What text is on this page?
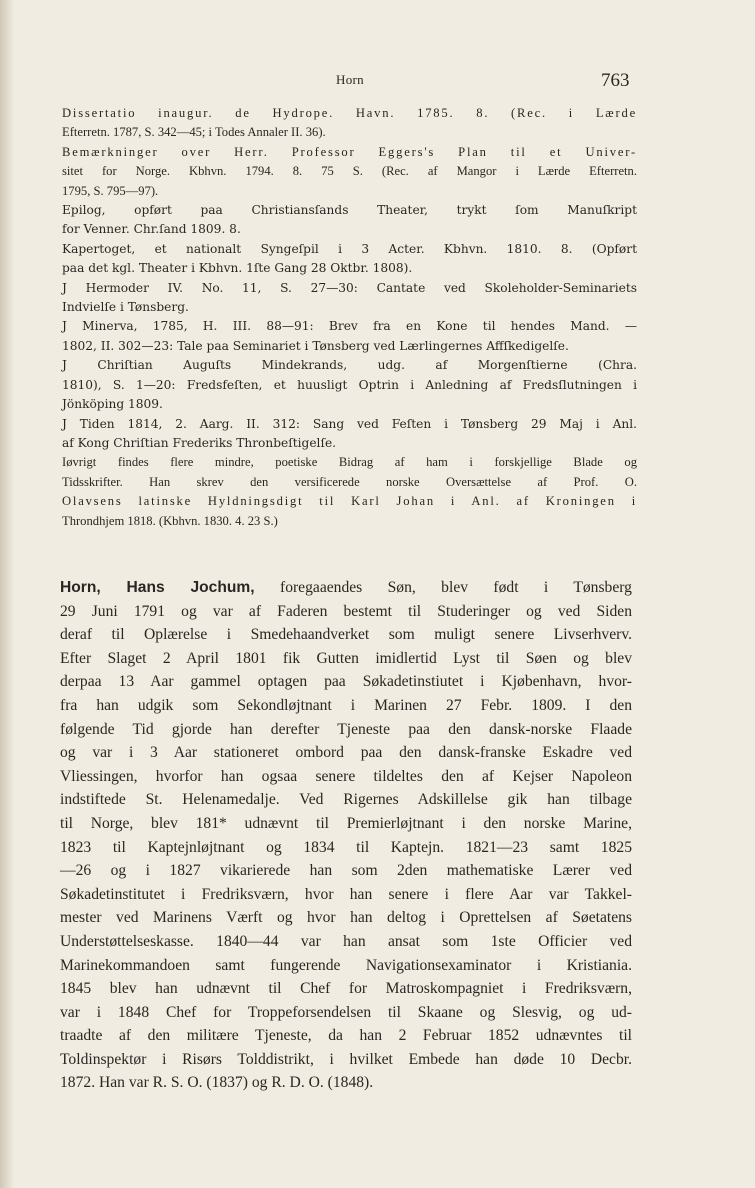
Horn	763
Dissertatio inaugur. de Hydrope. Havn. 1785. 8. (Rec. i Lærde
Efterretn. 1787, S. 342—45; i Todes Annaler II. 36).
Bemærkninger over Herr. Professor Eggers's Plan til et Univer-
sitet for Norge. Kbhvn. 1794. 8. 75 S. (Rec. af Mangor i Lærde Efterretn.
1795, S. 795—97).
Epilog, opført paa Christiansſands Theater, trykt ſom Manuſkript
for Venner. Chr.ſand 1809. 8.
Kapertoget, et nationalt Syngeſpil i 3 Acter. Kbhvn. 1810. 8. (Opført
paa det kgl. Theater i Kbhvn. 1ſte Gang 28 Oktbr. 1808).
J Hermoder IV. No. 11, S. 27—30: Cantate ved Skoleholder-Seminariets
Indvielſe i Tønsberg.
J Minerva, 1785, H. III. 88—91: Brev fra en Kone til hendes Mand. —
1802, II. 302—23: Tale paa Seminariet i Tønsberg ved Lærlingernes Affſkedigelſe.
J Chriſtian Auguſts Mindekrands, udg. af Morgenſtierne (Chra.
1810), S. 1—20: Fredsfeſten, et huusligt Optrin i Anledning af Fredsſlutningen i
Jönköping 1809.
J Tiden 1814, 2. Aarg. II. 312: Sang ved Feſten i Tønsberg 29 Maj i Anl.
af Kong Chriſtian Frederiks Thronbeſtigelſe.
Iøvrigt findes flere mindre, poetiske Bidrag af ham i forskjellige Blade og
Tidsskrifter. Han skrev den versificerede norske Oversættelse af Prof. O.
Olavsens latinske Hyldningsdigt til Karl Johan i Anl. af Kroningen i
Throndhjem 1818. (Kbhvn. 1830. 4. 23 S.)
Horn, Hans Jochum, foregaaendes Søn, blev født i Tønsberg
29 Juni 1791 og var af Faderen bestemt til Studeringer og ved Siden
deraf til Oplærelse i Smedehaandverket som muligt senere Livserhverv.
Efter Slaget 2 April 1801 fik Gutten imidlertid Lyst til Søen og blev
derpaa 13 Aar gammel optagen paa Søkadetinstiutet i Kjøbenhavn, hvor-
fra han udgik som Sekondløjtnant i Marinen 27 Febr. 1809. I den
følgende Tid gjorde han derefter Tjeneste paa den dansk-norske Flaade
og var i 3 Aar stationeret ombord paa den dansk-franske Eskadre ved
Vliessingen, hvorfor han ogsaa senere tildeltes den af Kejser Napoleon
indstiftede St. Helenamedalje. Ved Rigernes Adskillelse gik han tilbage
til Norge, blev 181* udnævnt til Premierløjtnant i den norske Marine,
1823 til Kaptejnløjtnant og 1834 til Kaptejn. 1821—23 samt 1825
—26 og i 1827 vikarierede han som 2den mathematiske Lærer ved
Søkadetinstitutet i Fredriksværn, hvor han senere i flere Aar var Takkel-
mester ved Marinens Værft og hvor han deltog i Oprettelsen af Søetatens
Understøttelseskasse. 1840—44 var han ansat som 1ste Officier ved
Marinekommandoen samt fungerende Navigationsexaminator i Kristiania.
1845 blev han udnævnt til Chef for Matroskompagniet i Fredriksværn,
var i 1848 Chef for Troppeforsendelsen til Skaane og Slesvig, og ud-
traadte af den militære Tjeneste, da han 2 Februar 1852 udnævntes til
Toldinspektør i Risørs Tolddistrikt, i hvilket Embede han døde 10 Decbr.
1872. Han var R. S. O. (1837) og R. D. O. (1848).
